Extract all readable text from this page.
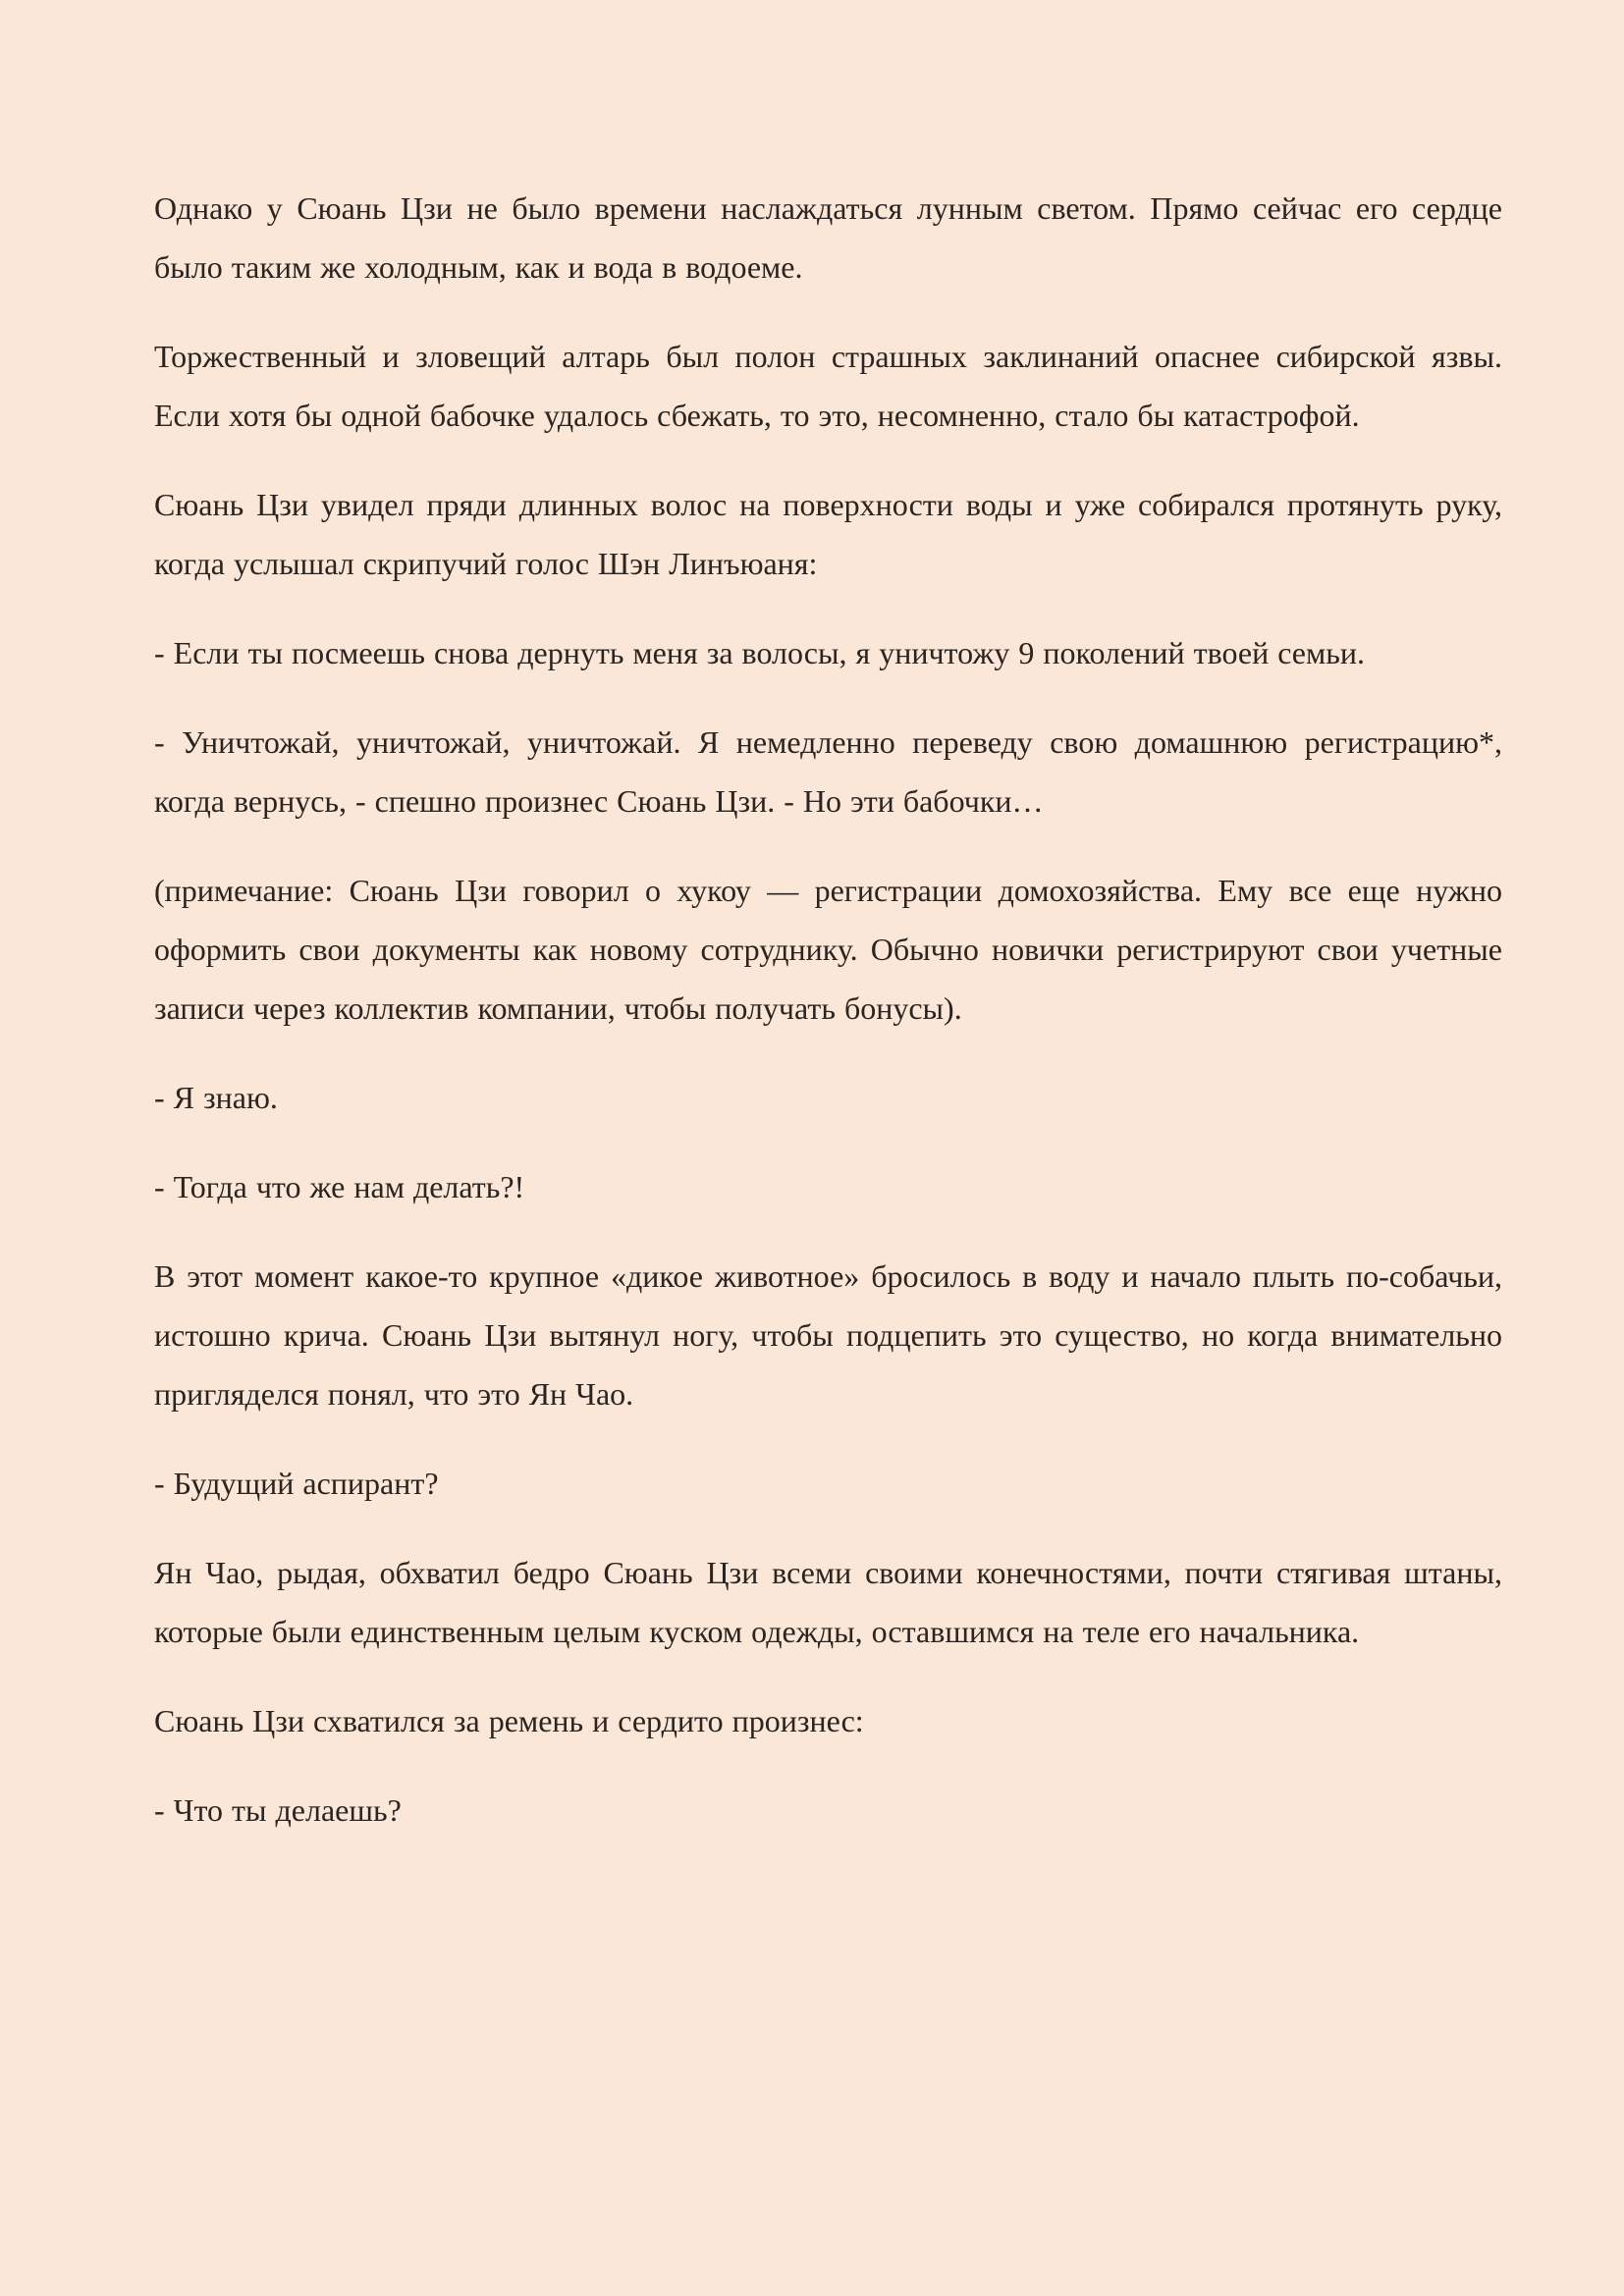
Однако у Сюань Цзи не было времени наслаждаться лунным светом. Прямо сейчас его сердце было таким же холодным, как и вода в водоеме.

Торжественный и зловещий алтарь был полон страшных заклинаний опаснее сибирской язвы. Если хотя бы одной бабочке удалось сбежать, то это, несомненно, стало бы катастрофой.

Сюань Цзи увидел пряди длинных волос на поверхности воды и уже собирался протянуть руку, когда услышал скрипучий голос Шэн Линъюаня:

- Если ты посмеешь снова дернуть меня за волосы, я уничтожу 9 поколений твоей семьи.

- Уничтожай, уничтожай, уничтожай. Я немедленно переведу свою домашнюю регистрацию*, когда вернусь, - спешно произнес Сюань Цзи. - Но эти бабочки…

(примечание: Сюань Цзи говорил о хукоу — регистрации домохозяйства. Ему все еще нужно оформить свои документы как новому сотруднику. Обычно новички регистрируют свои учетные записи через коллектив компании, чтобы получать бонусы).

- Я знаю.

- Тогда что же нам делать?!

В этот момент какое-то крупное «дикое животное» бросилось в воду и начало плыть по-собачьи, истошно крича. Сюань Цзи вытянул ногу, чтобы подцепить это существо, но когда внимательно пригляделся понял, что это Ян Чао.

- Будущий аспирант?

Ян Чао, рыдая, обхватил бедро Сюань Цзи всеми своими конечностями, почти стягивая штаны, которые были единственным целым куском одежды, оставшимся на теле его начальника.

Сюань Цзи схватился за ремень и сердито произнес:

- Что ты делаешь?
